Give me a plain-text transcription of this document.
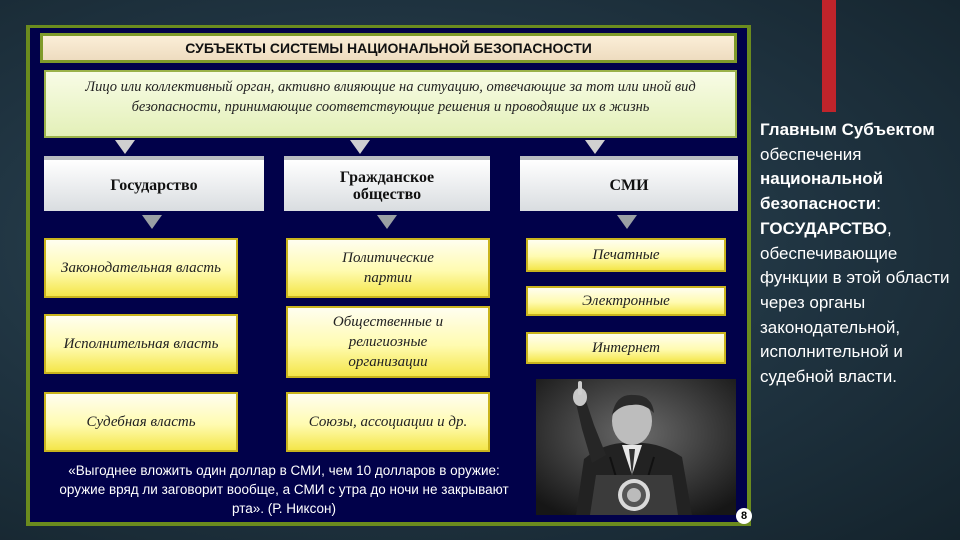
СУБЪЕКТЫ СИСТЕМЫ НАЦИОНАЛЬНОЙ БЕЗОПАСНОСТИ
Лицо или коллективный орган, активно влияющие на ситуацию, отвечающие за тот или иной вид безопасности, принимающие соответствующие решения и проводящие их в жизнь
Государство	Гражданское общество	СМИ
Законодательная власть
Исполнительная власть
Судебная власть
Политические партии
Общественные и религиозные организации
Союзы, ассоциации и др.
Печатные
Электронные
Интернет
«Выгоднее вложить один доллар в СМИ, чем 10 долларов в оружие: оружие вряд ли заговорит вообще, а СМИ с утра до ночи не закрывают рта». (Р. Никсон)	8
Главным Субъектом обеспечения национальной безопасности: ГОСУДАРСТВО, обеспечивающие функции в этой области через органы законодательной, исполнительной и судебной власти.
